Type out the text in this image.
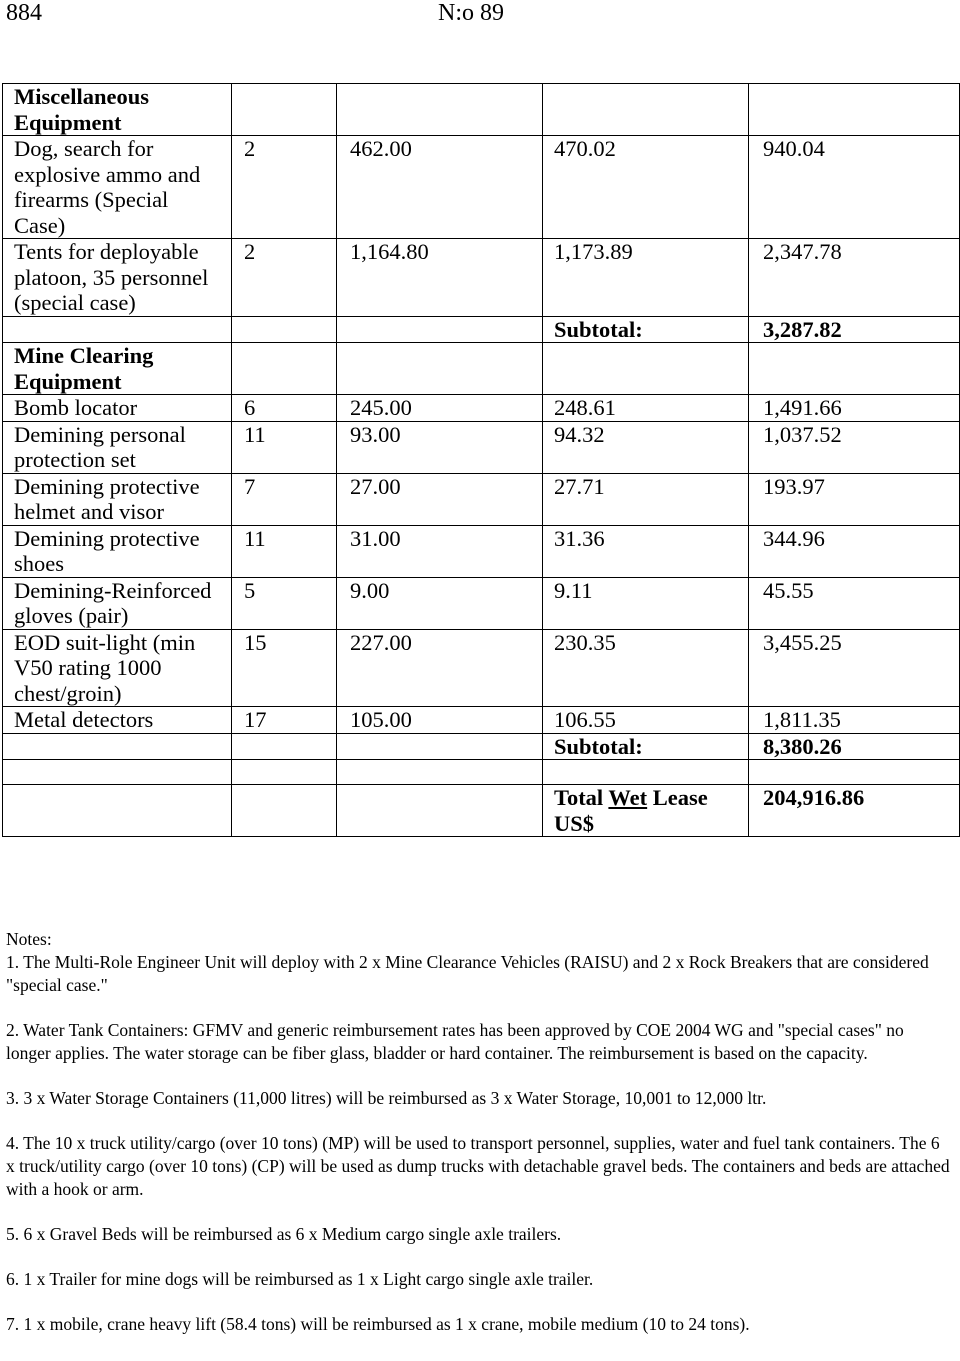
884	N:o 89
Miscellaneous Equipment				
Dog, search for explosive ammo and firearms (Special Case)	2	462.00	470.02	940.04
Tents for deployable platoon, 35 personnel (special case)	2	1,164.80	1,173.89	2,347.78
			Subtotal:	3,287.82
Mine Clearing Equipment				
Bomb locator	6	245.00	248.61	1,491.66
Demining personal protection set	11	93.00	94.32	1,037.52
Demining protective helmet and visor	7	27.00	27.71	193.97
Demining protective shoes	11	31.00	31.36	344.96
Demining-Reinforced gloves (pair)	5	9.00	9.11	45.55
EOD suit-light (min V50 rating 1000 chest/groin)	15	227.00	230.35	3,455.25
Metal detectors	17	105.00	106.55	1,811.35
			Subtotal:	8,380.26

			Total Wet Lease US$	204,916.86

Notes:

1. The Multi-Role Engineer Unit will deploy with 2 x Mine Clearance Vehicles (RAISU) and 2 x Rock Breakers that are considered "special case."

2. Water Tank Containers: GFMV and generic reimbursement rates has been approved by COE 2004 WG and "special cases" no longer applies. The water storage can be fiber glass, bladder or hard container. The reimbursement is based on the capacity.

3. 3 x Water Storage Containers (11,000 litres) will be reimbursed as 3 x Water Storage, 10,001 to 12,000 ltr.

4. The 10 x truck utility/cargo (over 10 tons) (MP) will be used to transport personnel, supplies, water and fuel tank containers. The 6 x truck/utility cargo (over 10 tons) (CP) will be used as dump trucks with detachable gravel beds. The containers and beds are attached with a hook or arm.

5. 6 x Gravel Beds will be reimbursed as 6 x Medium cargo single axle trailers.

6. 1 x Trailer for mine dogs will be reimbursed as 1 x Light cargo single axle trailer.

7. 1 x mobile, crane heavy lift (58.4 tons) will be reimbursed as 1 x crane, mobile medium (10 to 24 tons).
